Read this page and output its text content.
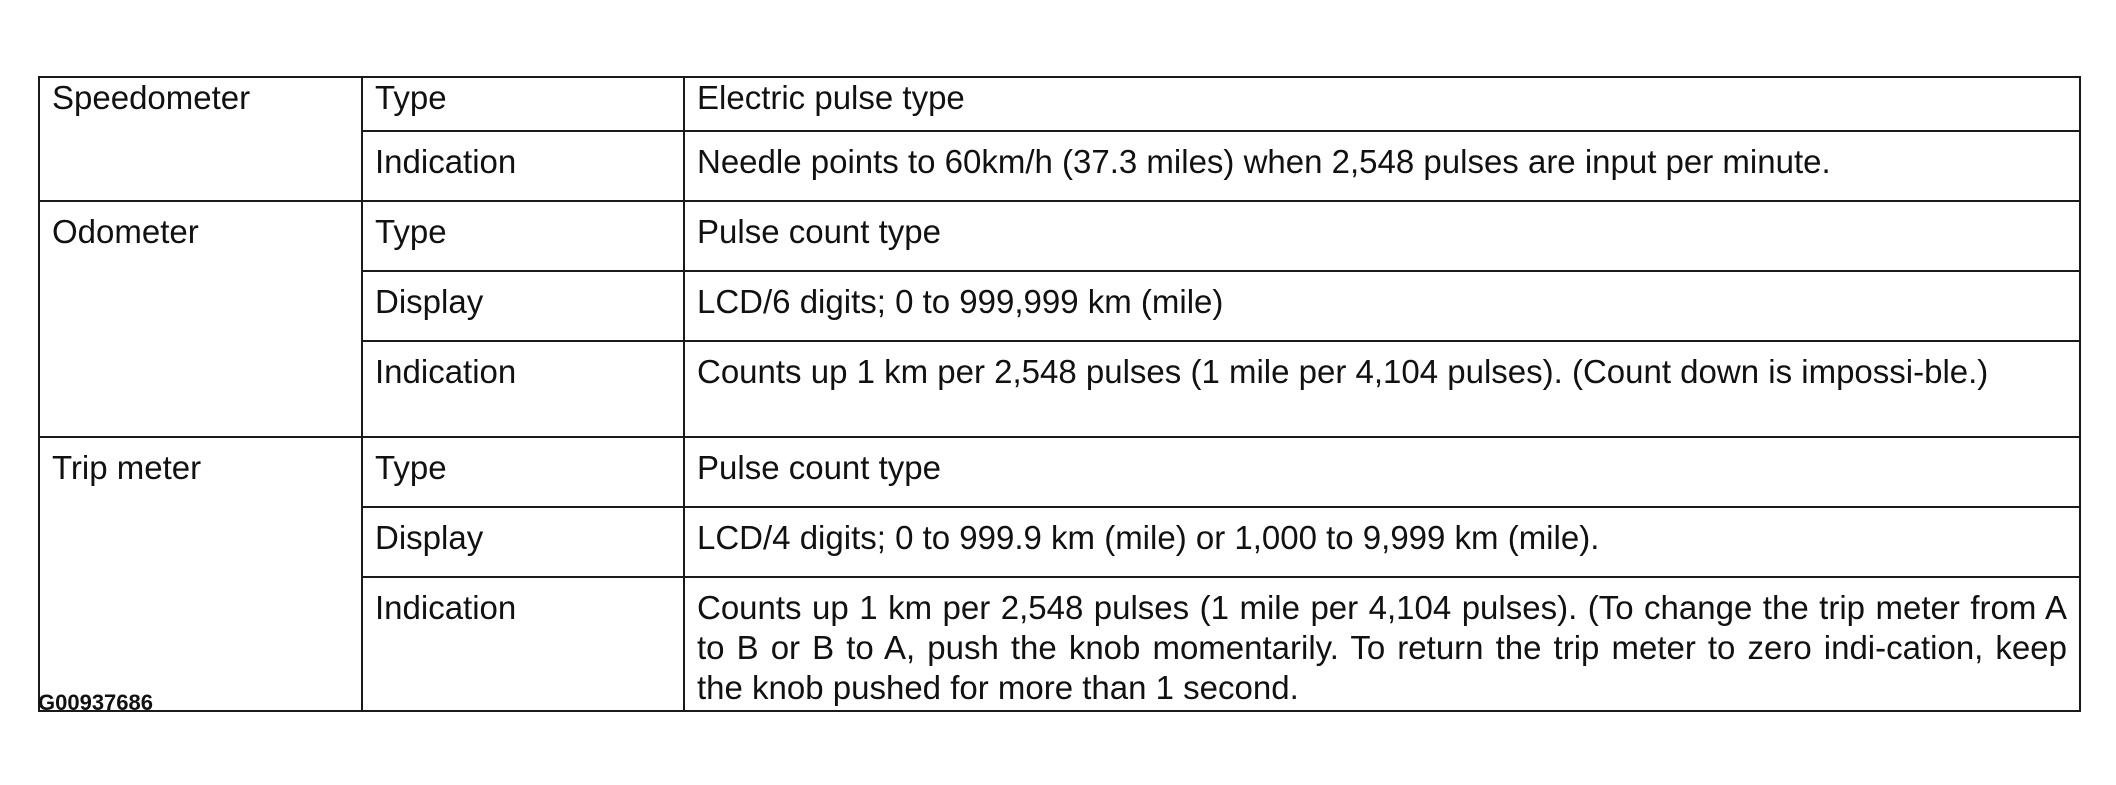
Speedometer	Type	Electric pulse type

	Indication	Needle points to 60km/h (37.3 miles) when 2,548 pulses are input per minute.

Odometer	Type	Pulse count type

	Display	LCD/6 digits; 0 to 999,999 km (mile)

	Indication	Counts up 1 km per 2,548 pulses (1 mile per 4,104 pulses). (Count down is impossi-ble.)

Trip meter	Type	Pulse count type

	Display	LCD/4 digits; 0 to 999.9 km (mile) or 1,000 to 9,999 km (mile).

	Indication	Counts up 1 km per 2,548 pulses (1 mile per 4,104 pulses). (To change the trip meter from A to B or B to A, push the knob momentarily. To return the trip meter to zero indi-cation, keep the knob pushed for more than 1 second.
G00937686
